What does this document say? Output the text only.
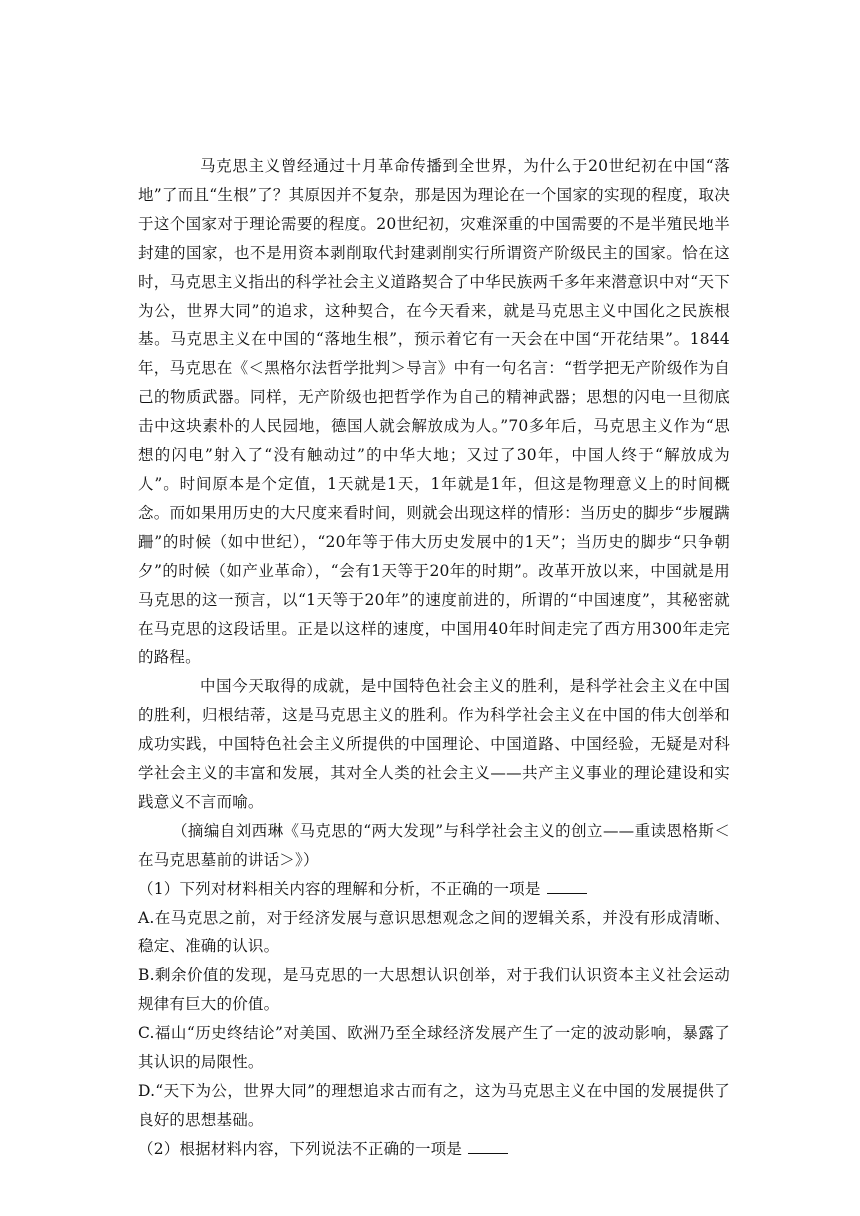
马克思主义曾经通过十月革命传播到全世界，为什么于20世纪初在中国“落地”了而且“生根”了？其原因并不复杂，那是因为理论在一个国家的实现的程度，取决于这个国家对于理论需要的程度。20世纪初，灾难深重的中国需要的不是半殖民地半封建的国家，也不是用资本剥削取代封建剥削实行所谓资产阶级民主的国家。恰在这时，马克思主义指出的科学社会主义道路契合了中华民族两千多年来潜意识中对“天下为公，世界大同”的追求，这种契合，在今天看来，就是马克思主义中国化之民族根基。马克思主义在中国的“落地生根”，预示着它有一天会在中国“开花结果”。1844年，马克思在《＜黑格尔法哲学批判＞导言》中有一句名言：“哲学把无产阶级作为自己的物质武器。同样，无产阶级也把哲学作为自己的精神武器；思想的闪电一旦彻底击中这块素朴的人民园地，德国人就会解放成为人。”70多年后，马克思主义作为“思想的闪电”射入了“没有触动过”的中华大地；又过了30年，中国人终于“解放成为人”。时间原本是个定值，1天就是1天，1年就是1年，但这是物理意义上的时间概念。而如果用历史的大尺度来看时间，则就会出现这样的情形：当历史的脚步“步履蹒跚”的时候（如中世纪），“20年等于伟大历史发展中的1天”；当历史的脚步“只争朝夕”的时候（如产业革命），“会有1天等于20年的时期”。改革开放以来，中国就是用马克思的这一预言，以“1天等于20年”的速度前进的，所谓的“中国速度”，其秘密就在马克思的这段话里。正是以这样的速度，中国用40年时间走完了西方用300年走完的路程。

中国今天取得的成就，是中国特色社会主义的胜利，是科学社会主义在中国的胜利，归根结蒂，这是马克思主义的胜利。作为科学社会主义在中国的伟大创举和成功实践，中国特色社会主义所提供的中国理论、中国道路、中国经验，无疑是对科学社会主义的丰富和发展，其对全人类的社会主义——共产主义事业的理论建设和实践意义不言而喻。

（摘编自刘西琳《马克思的“两大发现”与科学社会主义的创立——重读恩格斯＜在马克思墓前的讲话＞》）

（1）下列对材料相关内容的理解和分析，不正确的一项是

A.在马克思之前，对于经济发展与意识思想观念之间的逻辑关系，并没有形成清晰、稳定、准确的认识。

B.剩余价值的发现，是马克思的一大思想认识创举，对于我们认识资本主义社会运动规律有巨大的价值。

C.福山“历史终结论”对美国、欧洲乃至全球经济发展产生了一定的波动影响，暴露了其认识的局限性。

D.“天下为公，世界大同”的理想追求古而有之，这为马克思主义在中国的发展提供了良好的思想基础。

（2）根据材料内容，下列说法不正确的一项是
